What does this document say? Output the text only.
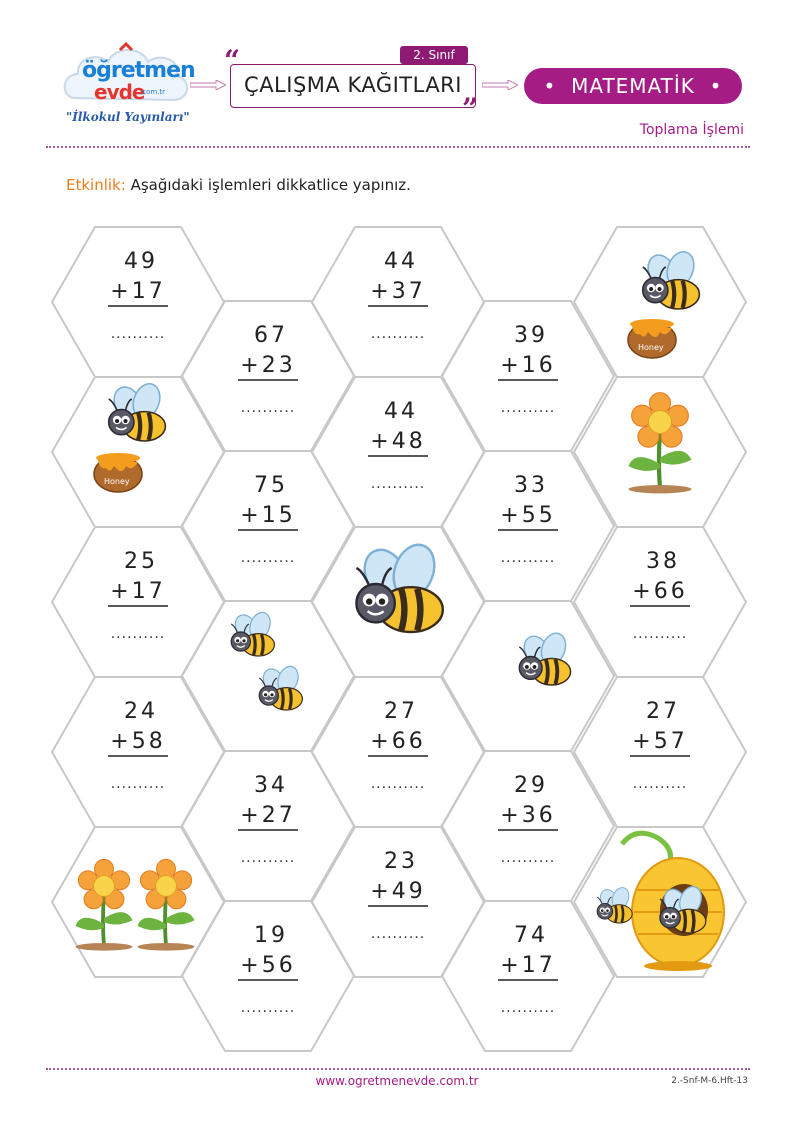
öğretmen
evde
.com.tr
"İlkokul Yayınları"
“
ÇALIŞMA KAĞITLARI
”
2. Sınıf
•  MATEMATİK  •
Toplama İşlemi
Etkinlik: Aşağıdaki işlemleri dikkatlice yapınız.
49
+17
..........
25
+17
..........
24
+58
..........
67
+23
..........
75
+15
..........
34
+27
..........
19
+56
..........
44
+37
..........
44
+48
..........
27
+66
..........
23
+49
..........
39
+16
..........
33
+55
..........
29
+36
..........
74
+17
..........
38
+66
..........
27
+57
..........
Honey
Honey
www.ogretmenevde.com.tr	2.-Snf-M-6.Hft-13
